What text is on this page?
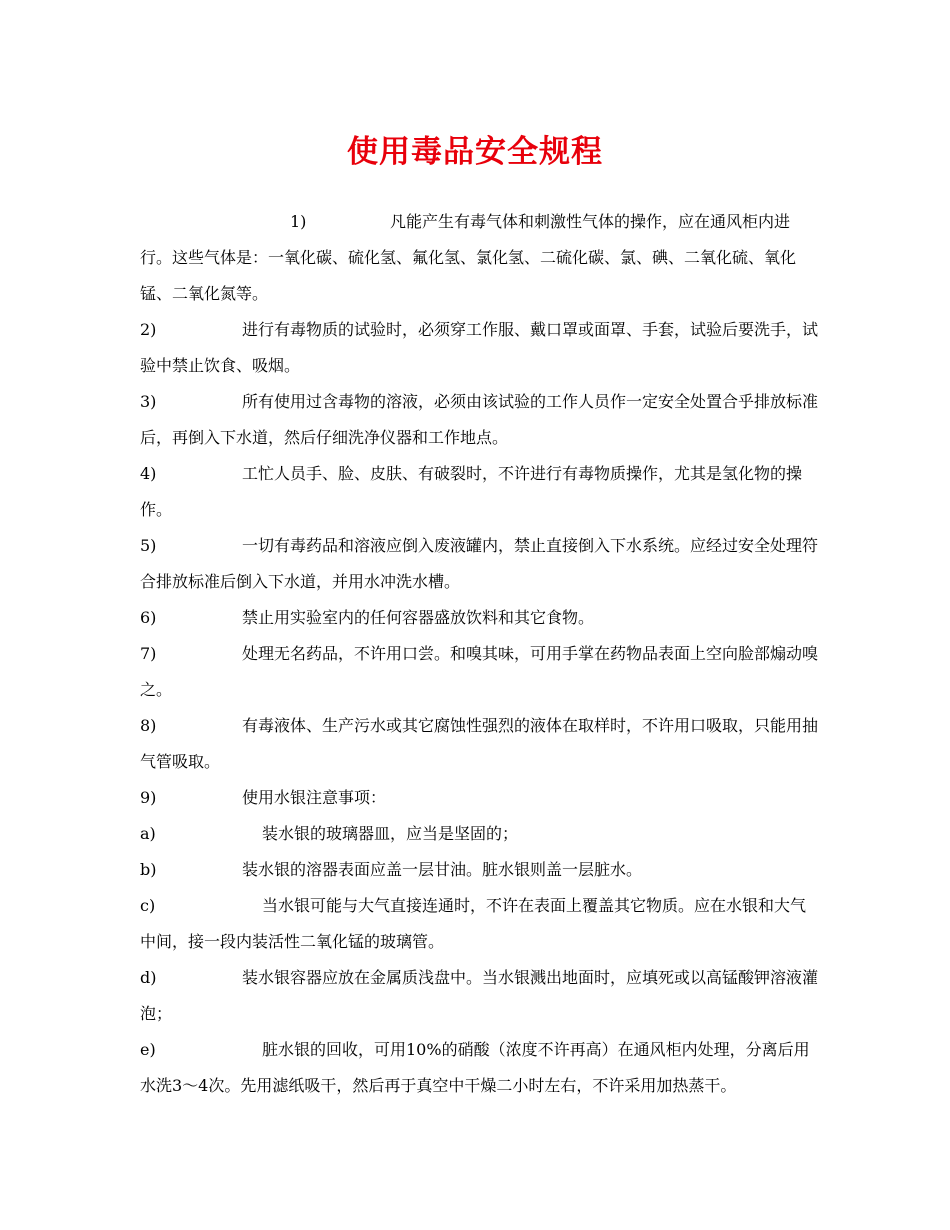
使用毒品安全规程

1)	凡能产生有毒气体和刺激性气体的操作，应在通风柜内进行。这些气体是：一氧化碳、硫化氢、氟化氢、氯化氢、二硫化碳、氯、碘、二氧化硫、氧化锰、二氧化氮等。

2)	进行有毒物质的试验时，必须穿工作服、戴口罩或面罩、手套，试验后要洗手，试验中禁止饮食、吸烟。

3)	所有使用过含毒物的溶液，必须由该试验的工作人员作一定安全处置合乎排放标准后，再倒入下水道，然后仔细洗净仪器和工作地点。

4)	工忙人员手、脸、皮肤、有破裂时，不许进行有毒物质操作，尤其是氢化物的操作。

5)	一切有毒药品和溶液应倒入废液罐内，禁止直接倒入下水系统。应经过安全处理符合排放标准后倒入下水道，并用水冲洗水槽。

6)	禁止用实验室内的任何容器盛放饮料和其它食物。

7)	处理无名药品，不许用口尝。和嗅其味，可用手掌在药物品表面上空向脸部煽动嗅之。

8)	有毒液体、生产污水或其它腐蚀性强烈的液体在取样时，不许用口吸取，只能用抽气管吸取。

9)	使用水银注意事项：

a)	装水银的玻璃器皿，应当是坚固的；

b)	装水银的溶器表面应盖一层甘油。脏水银则盖一层脏水。

c)	当水银可能与大气直接连通时，不许在表面上覆盖其它物质。应在水银和大气中间，接一段内装活性二氧化锰的玻璃管。

d)	装水银容器应放在金属质浅盘中。当水银溅出地面时，应填死或以高锰酸钾溶液灌泡；

e)	脏水银的回收，可用10%的硝酸（浓度不许再高）在通风柜内处理，分离后用水洗3～4次。先用滤纸吸干，然后再于真空中干燥二小时左右，不许采用加热蒸干。
